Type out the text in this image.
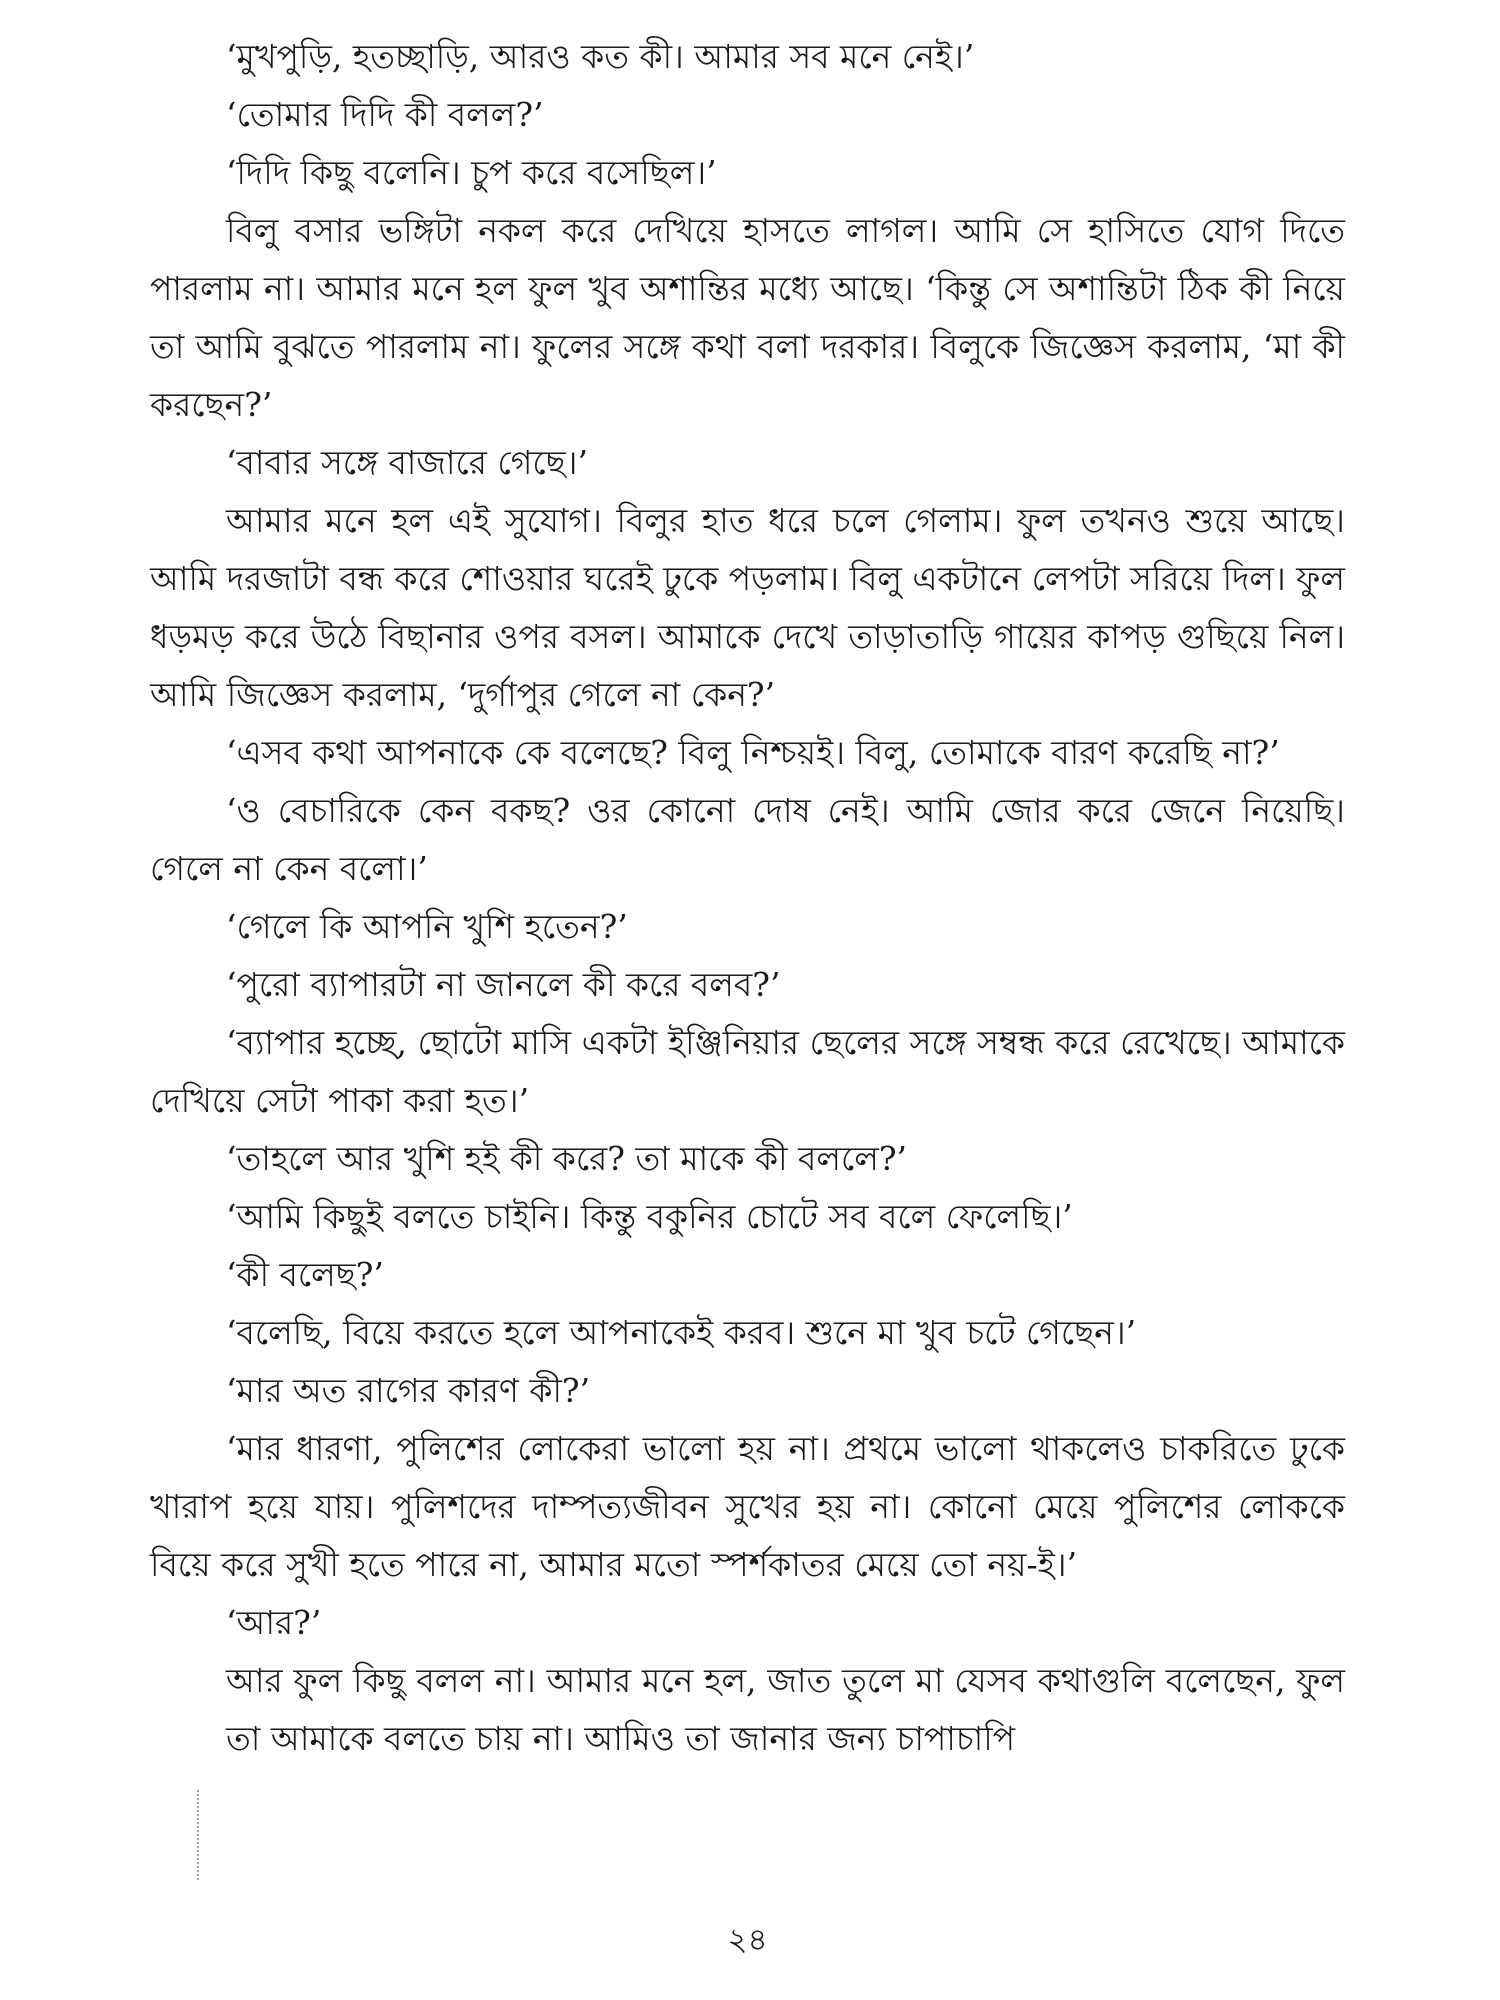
‘মুখপুড়ি, হতচ্ছাড়ি, আরও কত কী। আমার সব মনে নেই।’

‘তোমার দিদি কী বলল?’

‘দিদি কিছু বলেনি। চুপ করে বসেছিল।’

বিলু বসার ভঙ্গিটা নকল করে দেখিয়ে হাসতে লাগল। আমি সে হাসিতে যোগ দিতে পারলাম না। আমার মনে হল ফুল খুব অশান্তির মধ্যে আছে। ‘কিন্তু সে অশান্তিটা ঠিক কী নিয়ে তা আমি বুঝতে পারলাম না। ফুলের সঙ্গে কথা বলা দরকার। বিলুকে জিজ্ঞেস করলাম, ‘মা কী করছেন?’

‘বাবার সঙ্গে বাজারে গেছে।’

আমার মনে হল এই সুযোগ। বিলুর হাত ধরে চলে গেলাম। ফুল তখনও শুয়ে আছে। আমি দরজাটা বন্ধ করে শোওয়ার ঘরেই ঢুকে পড়লাম। বিলু একটানে লেপটা সরিয়ে দিল। ফুল ধড়মড় করে উঠে বিছানার ওপর বসল। আমাকে দেখে তাড়াতাড়ি গায়ের কাপড় গুছিয়ে নিল। আমি জিজ্ঞেস করলাম, ‘দুর্গাপুর গেলে না কেন?’

‘এসব কথা আপনাকে কে বলেছে? বিলু নিশ্চয়ই। বিলু, তোমাকে বারণ করেছি না?’

‘ও বেচারিকে কেন বকছ? ওর কোনো দোষ নেই। আমি জোর করে জেনে নিয়েছি। গেলে না কেন বলো।’

‘গেলে কি আপনি খুশি হতেন?’

‘পুরো ব্যাপারটা না জানলে কী করে বলব?’

‘ব্যাপার হচ্ছে, ছোটো মাসি একটা ইঞ্জিনিয়ার ছেলের সঙ্গে সম্বন্ধ করে রেখেছে। আমাকে দেখিয়ে সেটা পাকা করা হত।’

‘তাহলে আর খুশি হই কী করে? তা মাকে কী বললে?’

‘আমি কিছুই বলতে চাইনি। কিন্তু বকুনির চোটে সব বলে ফেলেছি।’

‘কী বলেছ?’

‘বলেছি, বিয়ে করতে হলে আপনাকেই করব। শুনে মা খুব চটে গেছেন।’

‘মার অত রাগের কারণ কী?’

‘মার ধারণা, পুলিশের লোকেরা ভালো হয় না। প্রথমে ভালো থাকলেও চাকরিতে ঢুকে খারাপ হয়ে যায়। পুলিশদের দাম্পত্যজীবন সুখের হয় না। কোনো মেয়ে পুলিশের লোককে বিয়ে করে সুখী হতে পারে না, আমার মতো স্পর্শকাতর মেয়ে তো নয়-ই।’

‘আর?’

আর ফুল কিছু বলল না। আমার মনে হল, জাত তুলে মা যেসব কথাগুলি বলেছেন, ফুল তা আমাকে বলতে চায় না। আমিও তা জানার জন্য চাপাচাপি

২৪
